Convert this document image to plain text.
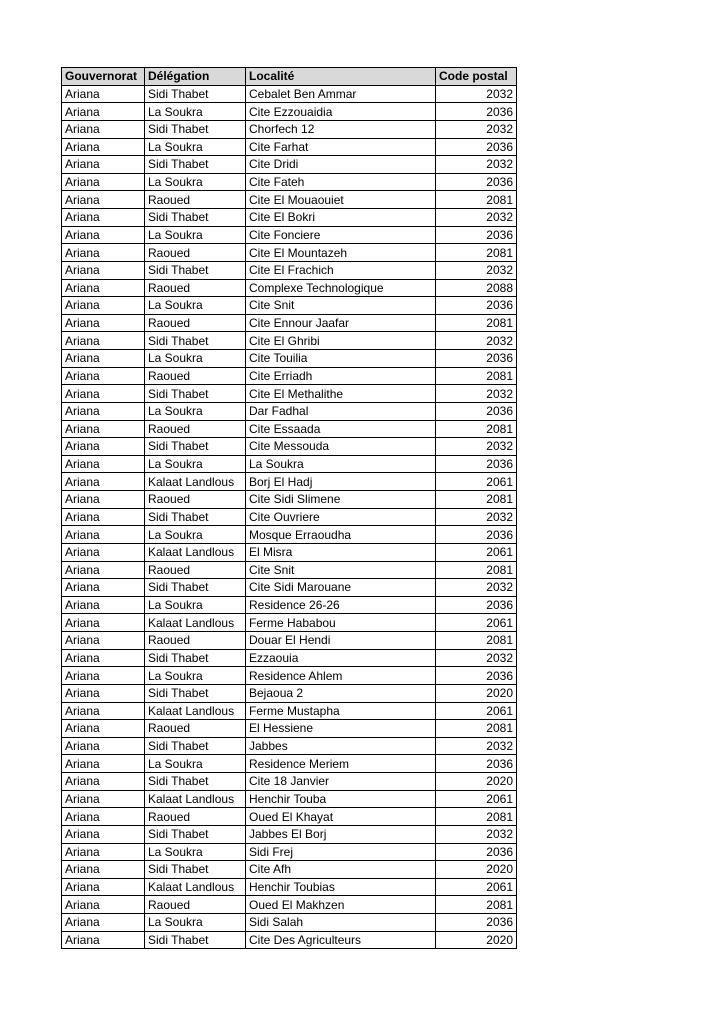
Gouvernorat	Délégation	Localité	Code postal
Ariana	Sidi Thabet	Cebalet Ben Ammar	2032
Ariana	La Soukra	Cite Ezzouaidia	2036
Ariana	Sidi Thabet	Chorfech 12	2032
Ariana	La Soukra	Cite Farhat	2036
Ariana	Sidi Thabet	Cite Dridi	2032
Ariana	La Soukra	Cite Fateh	2036
Ariana	Raoued	Cite El Mouaouiet	2081
Ariana	Sidi Thabet	Cite El Bokri	2032
Ariana	La Soukra	Cite Fonciere	2036
Ariana	Raoued	Cite El Mountazeh	2081
Ariana	Sidi Thabet	Cite El Frachich	2032
Ariana	Raoued	Complexe Technologique	2088
Ariana	La Soukra	Cite Snit	2036
Ariana	Raoued	Cite Ennour Jaafar	2081
Ariana	Sidi Thabet	Cite El Ghribi	2032
Ariana	La Soukra	Cite Touilia	2036
Ariana	Raoued	Cite Erriadh	2081
Ariana	Sidi Thabet	Cite El Methalithe	2032
Ariana	La Soukra	Dar Fadhal	2036
Ariana	Raoued	Cite Essaada	2081
Ariana	Sidi Thabet	Cite Messouda	2032
Ariana	La Soukra	La Soukra	2036
Ariana	Kalaat Landlous	Borj El Hadj	2061
Ariana	Raoued	Cite Sidi Slimene	2081
Ariana	Sidi Thabet	Cite Ouvriere	2032
Ariana	La Soukra	Mosque Erraoudha	2036
Ariana	Kalaat Landlous	El Misra	2061
Ariana	Raoued	Cite Snit	2081
Ariana	Sidi Thabet	Cite Sidi Marouane	2032
Ariana	La Soukra	Residence 26-26	2036
Ariana	Kalaat Landlous	Ferme Hababou	2061
Ariana	Raoued	Douar El Hendi	2081
Ariana	Sidi Thabet	Ezzaouia	2032
Ariana	La Soukra	Residence Ahlem	2036
Ariana	Sidi Thabet	Bejaoua 2	2020
Ariana	Kalaat Landlous	Ferme Mustapha	2061
Ariana	Raoued	El Hessiene	2081
Ariana	Sidi Thabet	Jabbes	2032
Ariana	La Soukra	Residence Meriem	2036
Ariana	Sidi Thabet	Cite 18 Janvier	2020
Ariana	Kalaat Landlous	Henchir Touba	2061
Ariana	Raoued	Oued El Khayat	2081
Ariana	Sidi Thabet	Jabbes El Borj	2032
Ariana	La Soukra	Sidi Frej	2036
Ariana	Sidi Thabet	Cite Afh	2020
Ariana	Kalaat Landlous	Henchir Toubias	2061
Ariana	Raoued	Oued El Makhzen	2081
Ariana	La Soukra	Sidi Salah	2036
Ariana	Sidi Thabet	Cite Des Agriculteurs	2020
